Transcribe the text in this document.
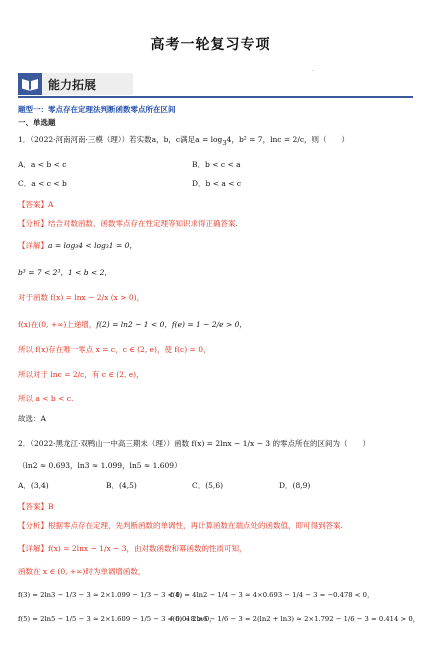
高考一轮复习专项
.
能力拓展
题型一：零点存在定理法判断函数零点所在区间
一、单选题
1．（2022·河南河南·三模（理））若实数a，b，c满足a = log34，b² = 7，lnc = 2/c，则（　　）
A．a < b < c	B．b < c < a
C．a < c < b	D．b < a < c
【答案】A
【分析】结合对数函数、函数零点存在性定理等知识求得正确答案.
【详解】a = log₃4 < log₃1 = 0，
b³ = 7 < 2³，1 < b < 2，
对于函数 f(x) = lnx − 2/x (x > 0)，
f(x)在(0, +∞)上递增，f(2) = ln2 − 1 < 0，f(e) = 1 − 2/e > 0，
所以 f(x)存在唯一零点 x = c，c ∈ (2, e)，使 f(c) = 0，
所以对于 lnc = 2/c，有 c ∈ (2, e)，
所以 a < b < c.
故选：A
2．（2022·黑龙江·双鸭山一中高三期末（理））函数 f(x) = 2lnx − 1/x − 3 的零点所在的区间为（　　）
（ln2 ≈ 0.693，ln3 ≈ 1.099，ln5 ≈ 1.609）
A．(3,4)	B．(4,5)	C．(5,6)	D．(8,9)
【答案】B
【分析】根据零点存在定理，先判断函数的单调性，再计算函数在端点处的函数值，即可得到答案.
【详解】f(x) = 2lnx − 1/x − 3，由对数函数和幂函数的性质可知，
函数在 x ∈ (0, +∞)时为单调增函数，
f(3) = 2ln3 − 1/3 − 3 ≈ 2×1.099 − 1/3 − 3 < 0，
f(4) = 4ln2 − 1/4 − 3 ≈ 4×0.693 − 1/4 − 3 = −0.478 < 0，
f(5) = 2ln5 − 1/5 − 3 ≈ 2×1.609 − 1/5 − 3 = 0.018 > 0，
f(6) = 2ln6 − 1/6 − 3 = 2(ln2 + ln3) ≈ 2×1.792 − 1/6 − 3 = 0.414 > 0，
